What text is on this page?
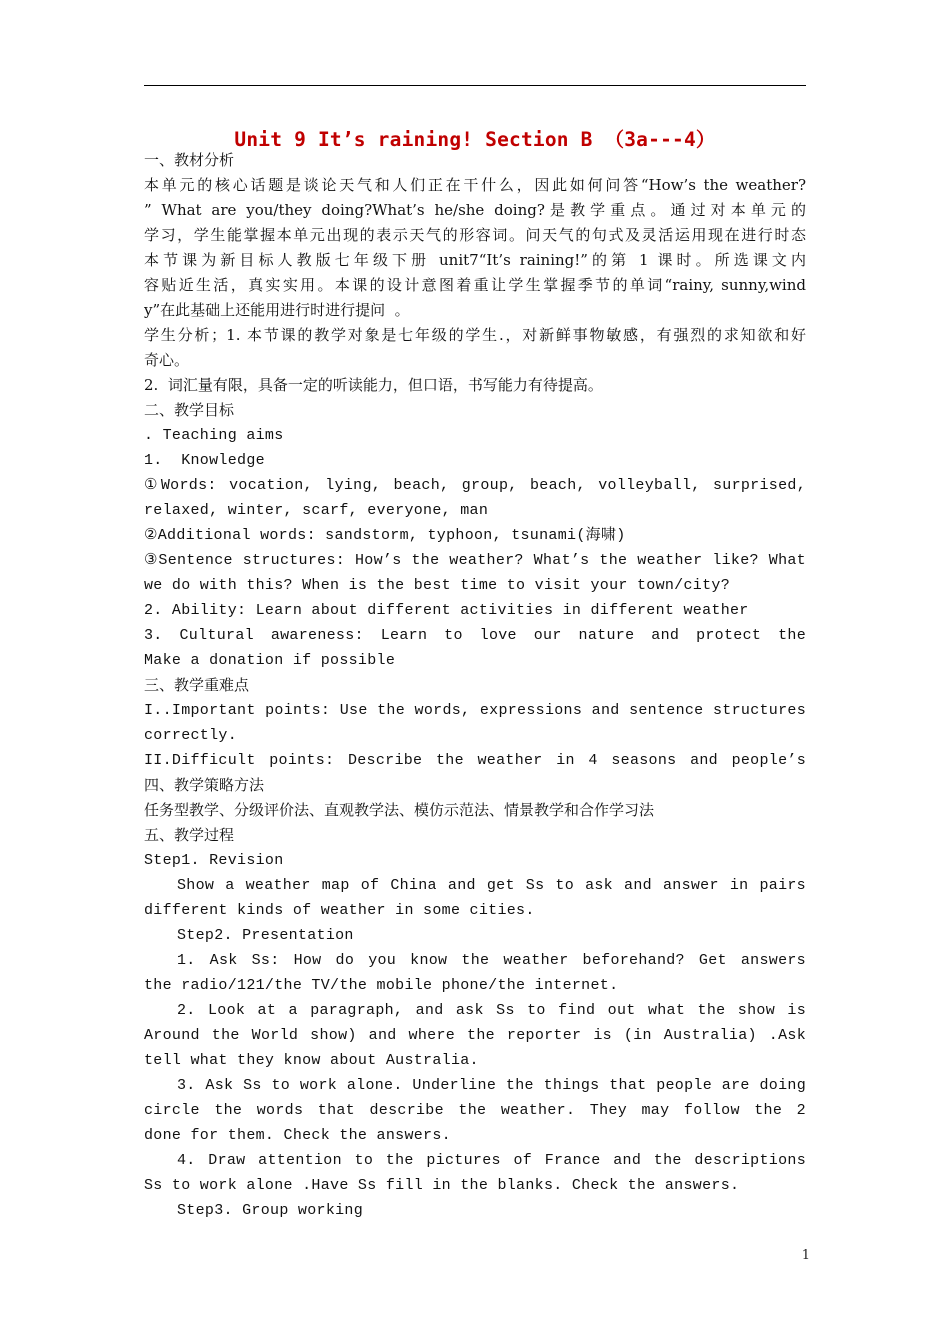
Unit 9 It’s raining! Section B （3a---4）
一、教材分析
本单元的核心话题是谈论天气和人们正在干什么，因此如何问答“How’s the weather?
” What are you/they doing?What’s he/she doing?是教学重点。通过对本单元的
学习，学生能掌握本单元出现的表示天气的形容词。问天气的句式及灵活运用现在进行时态
本节课为新目标人教版七年级下册 unit7“It’s raining!”的第 1 课时。所选课文内
容贴近生活，真实实用。本课的设计意图着重让学生掌握季节的单词“rainy, sunny,wind
y”在此基础上还能用进行时进行提问  。
学生分析；1. 本节课的教学对象是七年级的学生.，对新鲜事物敏感，有强烈的求知欲和好
奇心。
2.  词汇量有限，具备一定的听读能力，但口语，书写能力有待提高。
二、教学目标
. Teaching aims
1.  Knowledge
①Words: vocation, lying, beach, group, beach, volleyball, surprised,
relaxed, winter, scarf, everyone, man
②Additional words: sandstorm, typhoon, tsunami(海啸)
③Sentence structures: How’s the weather? What’s the weather like? What
we do with this? When is the best time to visit your town/city?
2. Ability: Learn about different activities in different weather
3. Cultural awareness: Learn to love our nature and protect the
Make a donation if possible
三、教学重难点
I..Important points: Use the words, expressions and sentence structures
correctly.
II.Difficult points: Describe the weather in 4 seasons and people’s
四、教学策略方法
任务型教学、分级评价法、直观教学法、模仿示范法、情景教学和合作学习法
五、教学过程
Step1. Revision
Show a weather map of China and get Ss to ask and answer in pairs
different kinds of weather in some cities.
Step2. Presentation
1. Ask Ss: How do you know the weather beforehand? Get answers
the radio/121/the TV/the mobile phone/the internet.
2. Look at a paragraph, and ask Ss to find out what the show is
Around the World show) and where the reporter is (in Australia) .Ask
tell what they know about Australia.
3. Ask Ss to work alone. Underline the things that people are doing
circle the words that describe the weather. They may follow the 2
done for them. Check the answers.
4. Draw attention to the pictures of France and the descriptions
Ss to work alone .Have Ss fill in the blanks. Check the answers.
Step3. Group working
1
